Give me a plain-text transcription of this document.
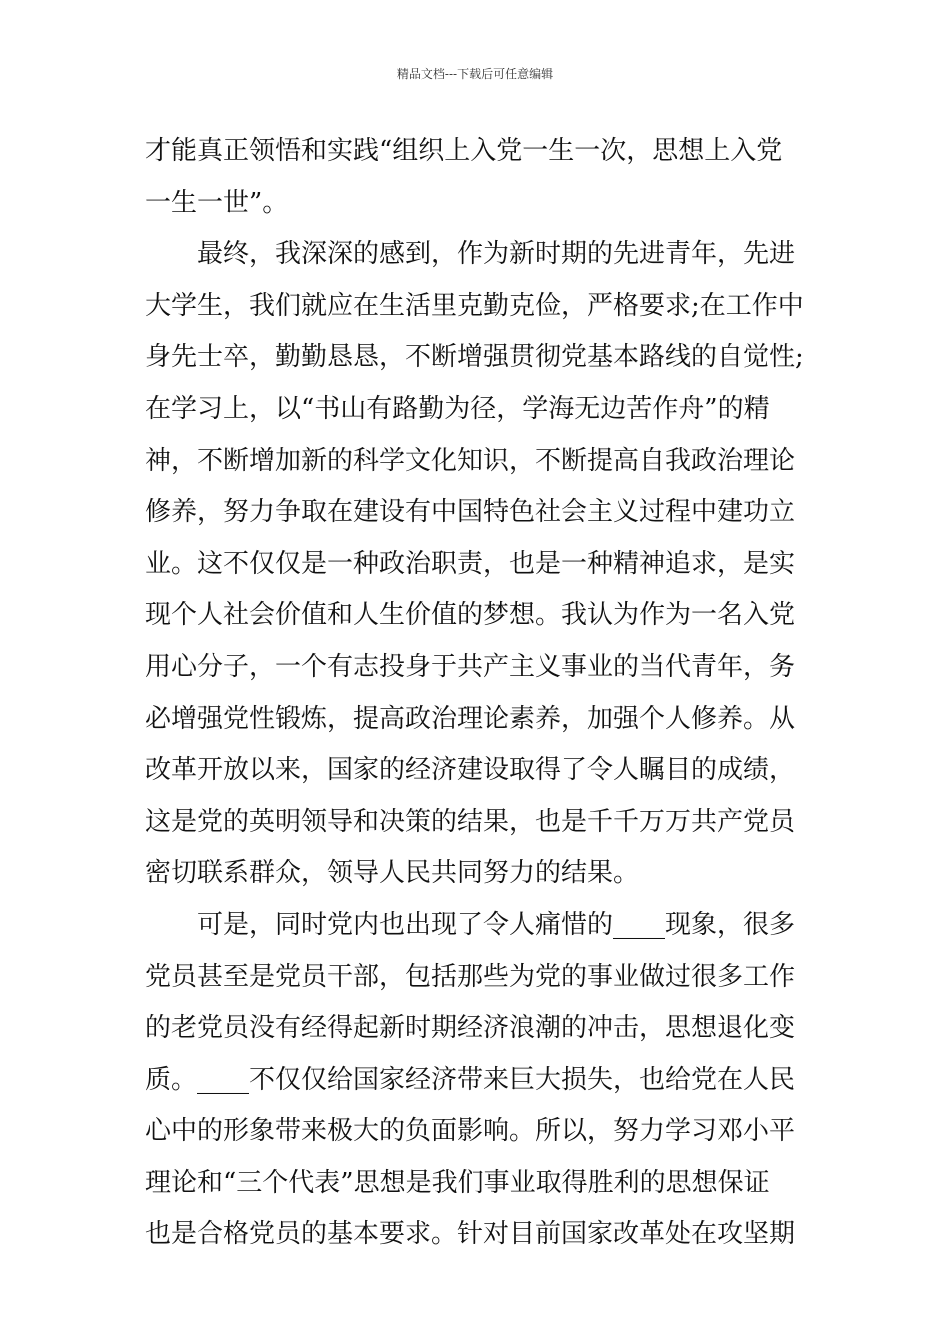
精品文档---下载后可任意编辑
才能真正领悟和实践“组织上入党一生一次，思想上入党
一生一世”。
最终，我深深的感到，作为新时期的先进青年，先进
大学生，我们就应在生活里克勤克俭，严格要求;在工作中
身先士卒，勤勤恳恳，不断增强贯彻党基本路线的自觉性;
在学习上，以“书山有路勤为径，学海无边苦作舟”的精
神，不断增加新的科学文化知识，不断提高自我政治理论
修养，努力争取在建设有中国特色社会主义过程中建功立
业。这不仅仅是一种政治职责，也是一种精神追求，是实
现个人社会价值和人生价值的梦想。我认为作为一名入党
用心分子，一个有志投身于共产主义事业的当代青年，务
必增强党性锻炼，提高政治理论素养，加强个人修养。从
改革开放以来，国家的经济建设取得了令人瞩目的成绩，
这是党的英明领导和决策的结果，也是千千万万共产党员
密切联系群众，领导人民共同努力的结果。
可是，同时党内也出现了令人痛惜的____现象，很多
党员甚至是党员干部，包括那些为党的事业做过很多工作
的老党员没有经得起新时期经济浪潮的冲击，思想退化变
质。____不仅仅给国家经济带来巨大损失，也给党在人民
心中的形象带来极大的负面影响。所以，努力学习邓小平
理论和“三个代表”思想是我们事业取得胜利的思想保证
也是合格党员的基本要求。针对目前国家改革处在攻坚期
